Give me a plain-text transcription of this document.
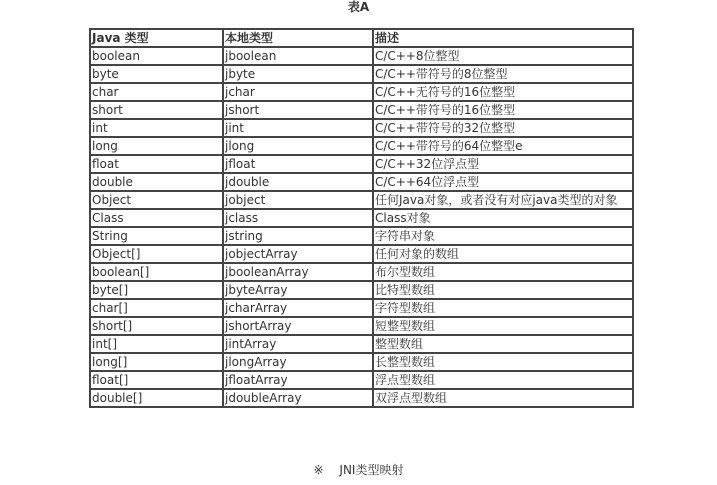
表A
Java 类型	本地类型	描述
boolean	jboolean	C/C++8位整型
byte	jbyte	C/C++带符号的8位整型
char	jchar	C/C++无符号的16位整型
short	jshort	C/C++带符号的16位整型
int	jint	C/C++带符号的32位整型
long	jlong	C/C++带符号的64位整型e
float	jfloat	C/C++32位浮点型
double	jdouble	C/C++64位浮点型
Object	jobject	任何Java对象，或者没有对应java类型的对象
Class	jclass	Class对象
String	jstring	字符串对象
Object[]	jobjectArray	任何对象的数组
boolean[]	jbooleanArray	布尔型数组
byte[]	jbyteArray	比特型数组
char[]	jcharArray	字符型数组
short[]	jshortArray	短整型数组
int[]	jintArray	整型数组
long[]	jlongArray	长整型数组
float[]	jfloatArray	浮点型数组
double[]	jdoubleArray	双浮点型数组
※　 JNI类型映射
